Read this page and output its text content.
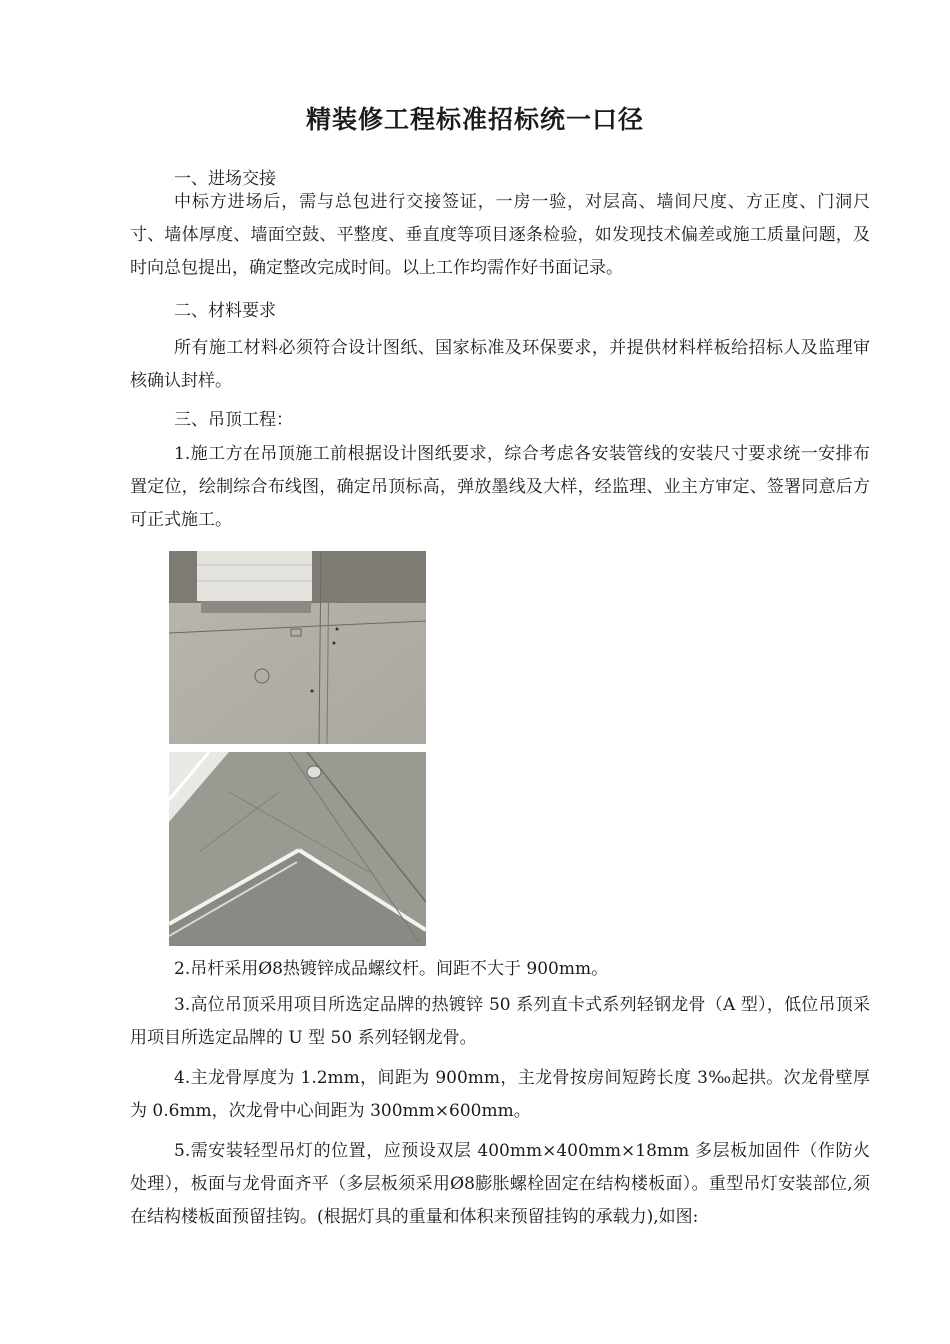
精装修工程标准招标统一口径
一、进场交接
中标方进场后，需与总包进行交接签证，一房一验，对层高、墙间尺度、方正度、门洞尺寸、墙体厚度、墙面空鼓、平整度、垂直度等项目逐条检验，如发现技术偏差或施工质量问题，及时向总包提出，确定整改完成时间。以上工作均需作好书面记录。
二、材料要求
所有施工材料必须符合设计图纸、国家标准及环保要求，并提供材料样板给招标人及监理审核确认封样。
三、吊顶工程：
1.施工方在吊顶施工前根据设计图纸要求，综合考虑各安装管线的安装尺寸要求统一安排布置定位，绘制综合布线图，确定吊顶标高，弹放墨线及大样，经监理、业主方审定、签署同意后方可正式施工。
2.吊杆采用Ø8热镀锌成品螺纹杆。间距不大于 900mm。
3.高位吊顶采用项目所选定品牌的热镀锌 50 系列直卡式系列轻钢龙骨（A 型），低位吊顶采用项目所选定品牌的 U 型 50 系列轻钢龙骨。
4.主龙骨厚度为 1.2mm，间距为 900mm，主龙骨按房间短跨长度 3‰起拱。次龙骨壁厚为 0.6mm，次龙骨中心间距为 300mm×600mm。
5.需安装轻型吊灯的位置，应预设双层 400mm×400mm×18mm 多层板加固件（作防火处理），板面与龙骨面齐平（多层板须采用Ø8膨胀螺栓固定在结构楼板面）。重型吊灯安装部位,须在结构楼板面预留挂钩。(根据灯具的重量和体积来预留挂钩的承载力),如图:
